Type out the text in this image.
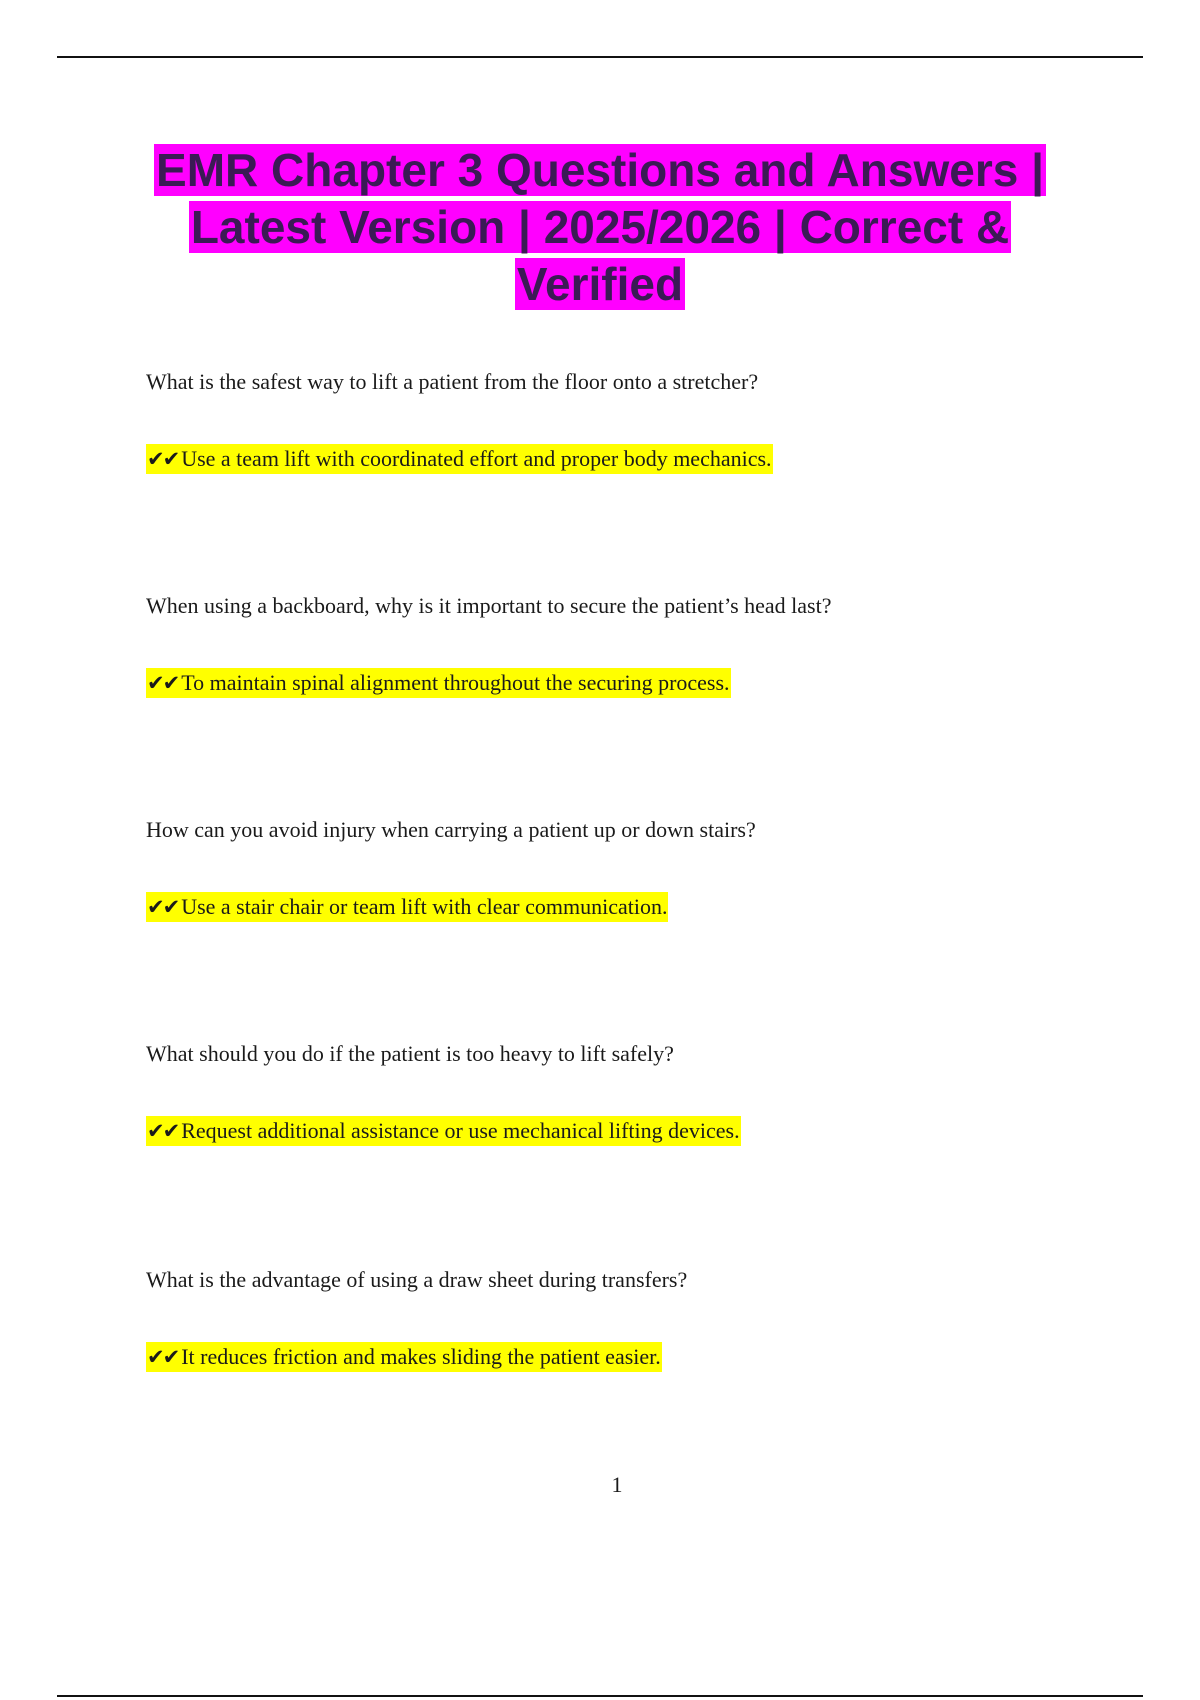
EMR Chapter 3 Questions and Answers | Latest Version | 2025/2026 | Correct & Verified

What is the safest way to lift a patient from the floor onto a stretcher?

✔✔ Use a team lift with coordinated effort and proper body mechanics.

When using a backboard, why is it important to secure the patient’s head last?

✔✔ To maintain spinal alignment throughout the securing process.

How can you avoid injury when carrying a patient up or down stairs?

✔✔ Use a stair chair or team lift with clear communication.

What should you do if the patient is too heavy to lift safely?

✔✔ Request additional assistance or use mechanical lifting devices.

What is the advantage of using a draw sheet during transfers?

✔✔ It reduces friction and makes sliding the patient easier.

1
